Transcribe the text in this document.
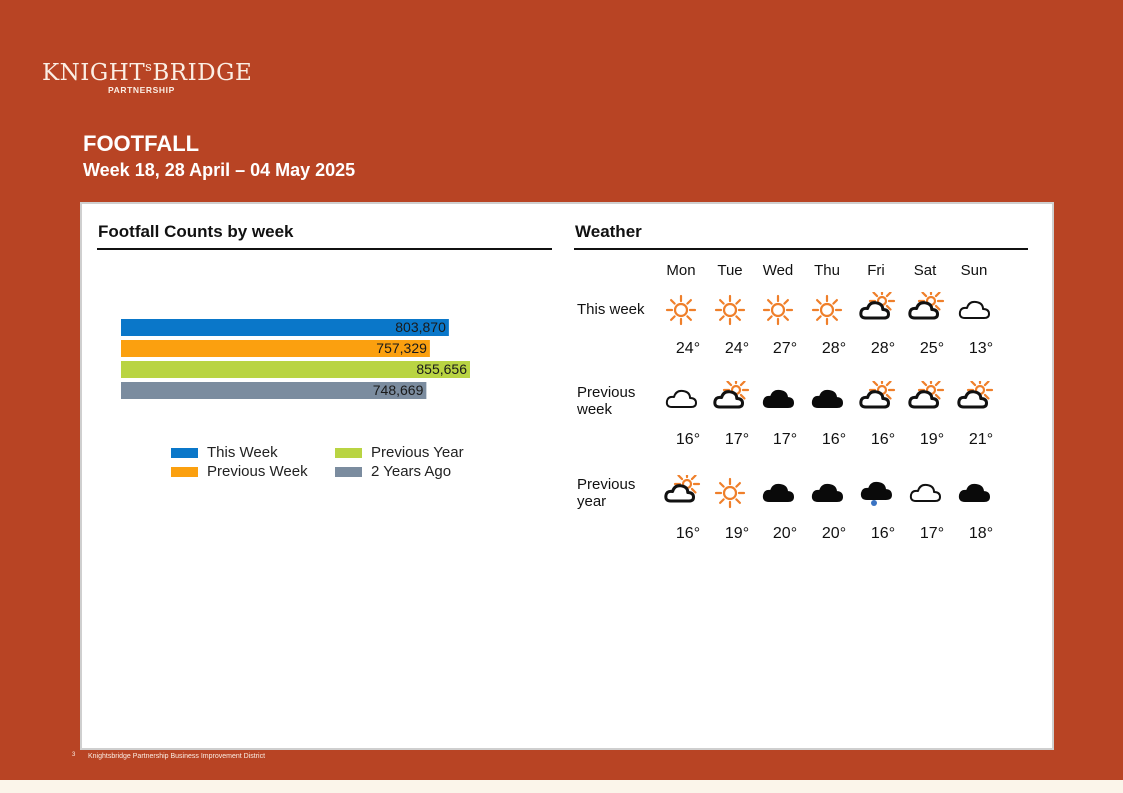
KNIGHT$^s$BRIDGE
PARTNERSHIP
FOOTFALL
Week 18, 28 April – 04 May 2025
Footfall Counts by week
803,870
757,329
855,656
748,669
This Week	Previous Year
Previous Week	2 Years Ago
Weather
Mon	Tue	Wed	Thu	Fri	Sat	Sun
This week
24°	24°	27°	28°	28°	25°	13°
Previous week
16°	17°	17°	16°	16°	19°	21°
Previous year
16°	19°	20°	20°	16°	17°	18°
3 Knightsbridge Partnership Business Improvement District
